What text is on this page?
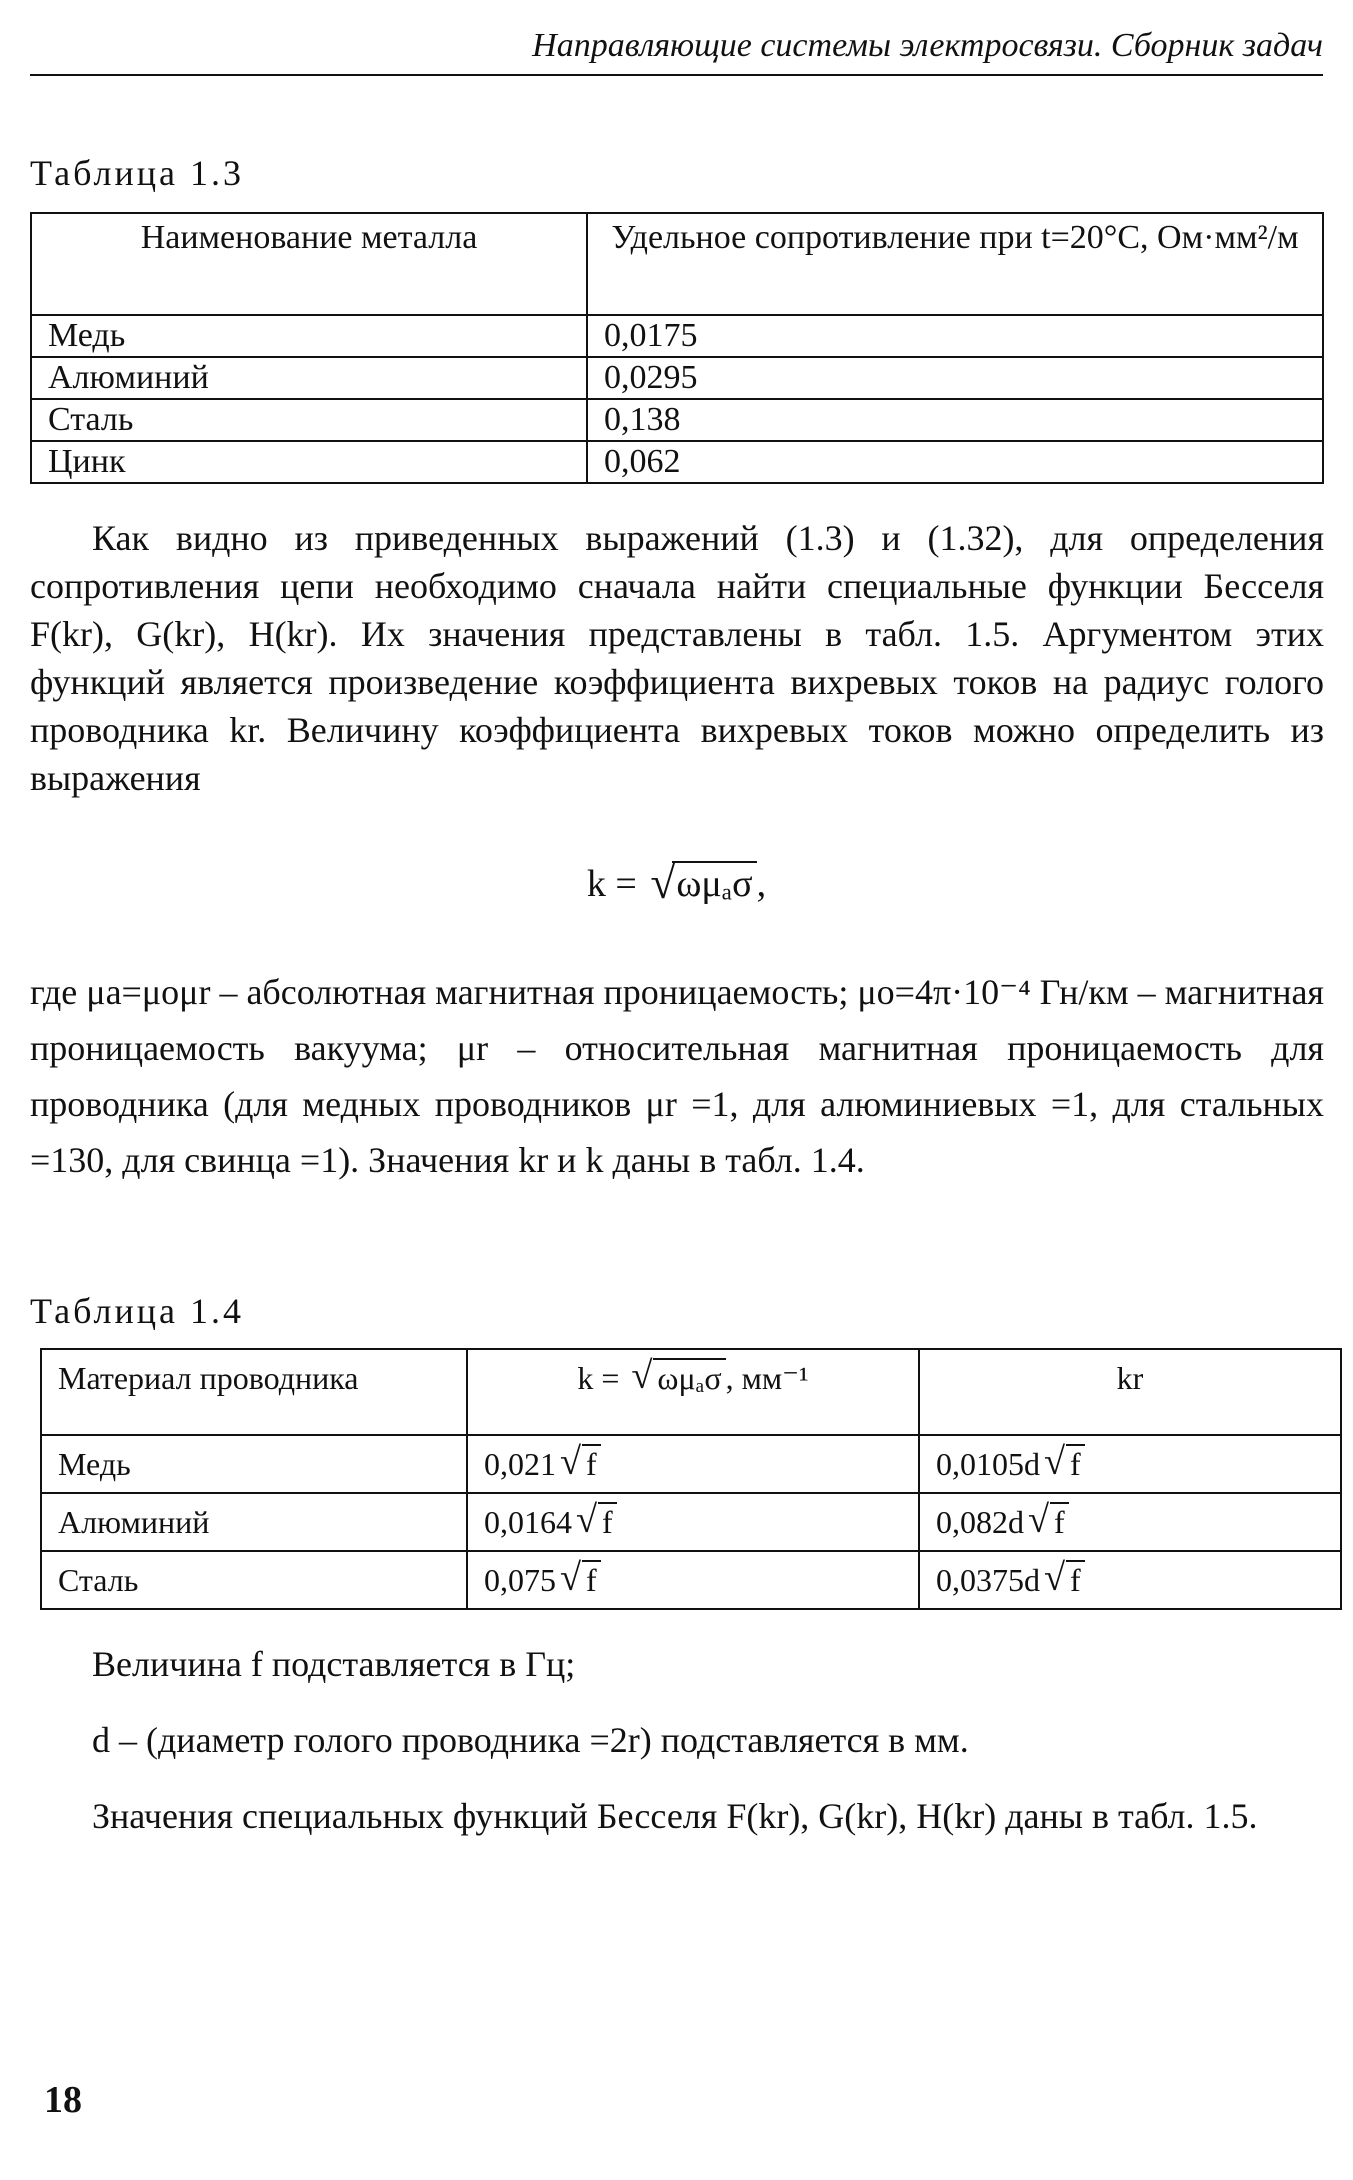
Направляющие системы электросвязи. Сборник задач
Таблица 1.3
Наименование металла	Удельное сопротивление при t=20°С, Ом·мм²/м
Медь	0,0175
Алюминий	0,0295
Сталь	0,138
Цинк	0,062
Как видно из приведенных выражений (1.3) и (1.32), для определения сопротивления цепи необходимо сначала найти специальные функции Бесселя F(kr), G(kr), H(kr). Их значения представлены в табл. 1.5. Аргументом этих функций является произведение коэффициента вихревых токов на радиус голого проводника kr. Величину коэффициента вихревых токов можно определить из выражения
k = √ ωμₐσ ,
где μa=μoμr – абсолютная магнитная проницаемость; μo=4π·10⁻⁴ Гн/км – магнитная проницаемость вакуума; μr – относительная магнитная проницаемость для проводника (для медных проводников μr =1, для алюминиевых =1, для стальных =130, для свинца =1). Значения kr и k даны в табл. 1.4.
Таблица 1.4
Материал проводника	k = √ ωμₐσ , мм⁻¹	kr
Медь	0,021 √ f	0,0105d √ f
Алюминий	0,0164 √ f	0,082d √ f
Сталь	0,075 √ f	0,0375d √ f
Величина f подставляется в Гц;
d – (диаметр голого проводника =2r) подставляется в мм.
Значения специальных функций Бесселя F(kr), G(kr), H(kr) даны в табл. 1.5.
18
